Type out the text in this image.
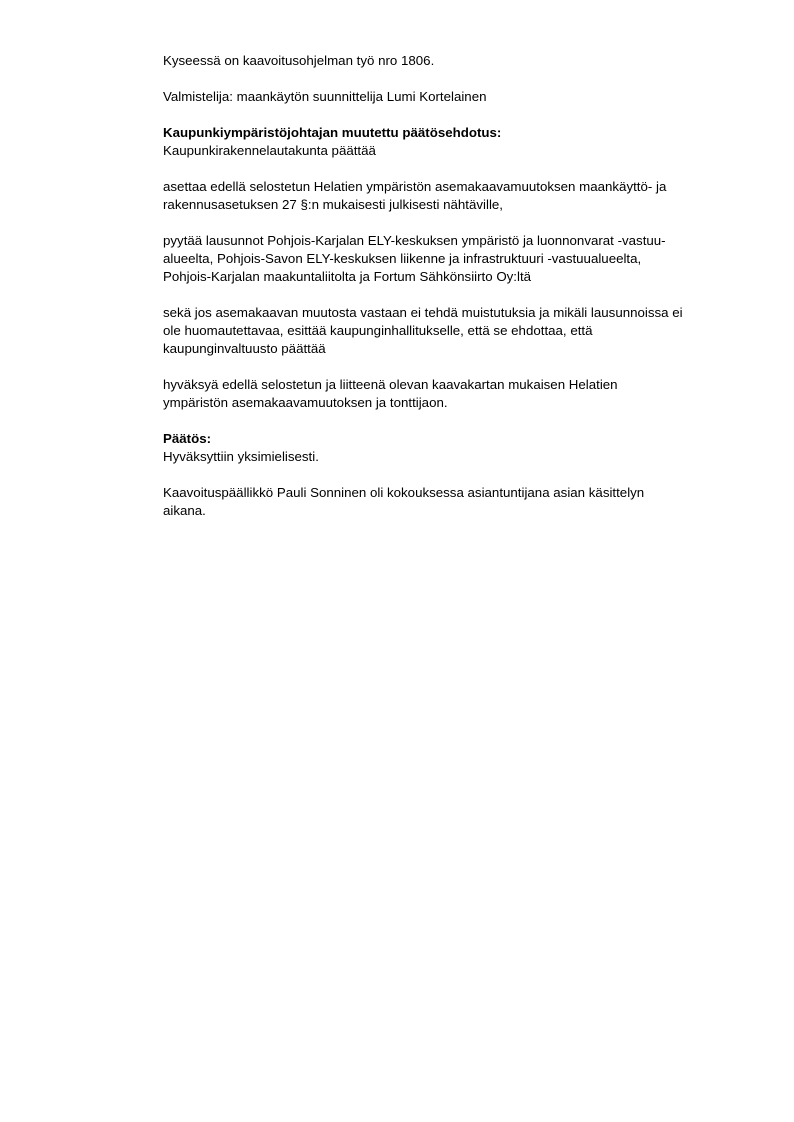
Kyseessä on kaavoitusohjelman työ nro 1806.

Valmistelija: maankäytön suunnittelija Lumi Kortelainen

Kaupunkiympäristöjohtajan muutettu päätösehdotus:

Kaupunkirakennelautakunta päättää
asettaa edellä selostetun Helatien ympäristön asemakaavamuutoksen maankäyttö- ja
rakennusasetuksen 27 §:n mukaisesti julkisesti nähtäville,
pyytää lausunnot Pohjois-Karjalan ELY-keskuksen ympäristö ja luonnonvarat -vastuu-
alueelta, Pohjois-Savon ELY-keskuksen liikenne ja infrastruktuuri -vastuualueelta,
Pohjois-Karjalan maakuntaliitolta ja Fortum Sähkönsiirto Oy:ltä
sekä jos asemakaavan muutosta vastaan ei tehdä muistutuksia ja mikäli lausunnoissa ei
ole huomautettavaa, esittää kaupunginhallitukselle, että se ehdottaa, että
kaupunginvaltuusto päättää
hyväksyä edellä selostetun ja liitteenä olevan kaavakartan mukaisen Helatien
ympäristön asemakaavamuutoksen ja tonttijaon.

Päätös:

Hyväksyttiin yksimielisesti.
Kaavoituspäällikkö Pauli Sonninen oli kokouksessa asiantuntijana asian käsittelyn
aikana.
